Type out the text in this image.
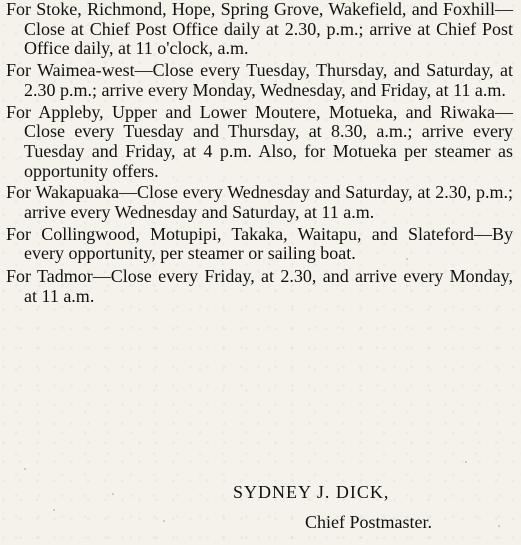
For Stoke, Richmond, Hope, Spring Grove, Wakefield, and Foxhill—Close at Chief Post Office daily at 2.30, p.m.; arrive at Chief Post Office daily, at 11 o'clock, a.m.

For Waimea-west—Close every Tuesday, Thursday, and Saturday, at 2.30 p.m.; arrive every Monday, Wednesday, and Friday, at 11 a.m.

For Appleby, Upper and Lower Moutere, Motueka, and Riwaka—Close every Tuesday and Thursday, at 8.30, a.m.; arrive every Tuesday and Friday, at 4 p.m. Also, for Motueka per steamer as opportunity offers.

For Wakapuaka—Close every Wednesday and Saturday, at 2.30, p.m.; arrive every Wednesday and Saturday, at 11 a.m.

For Collingwood, Motupipi, Takaka, Waitapu, and Slateford—By every opportunity, per steamer or sailing boat.

For Tadmor—Close every Friday, at 2.30, and arrive every Monday, at 11 a.m.

SYDNEY J. DICK,
Chief Postmaster.
